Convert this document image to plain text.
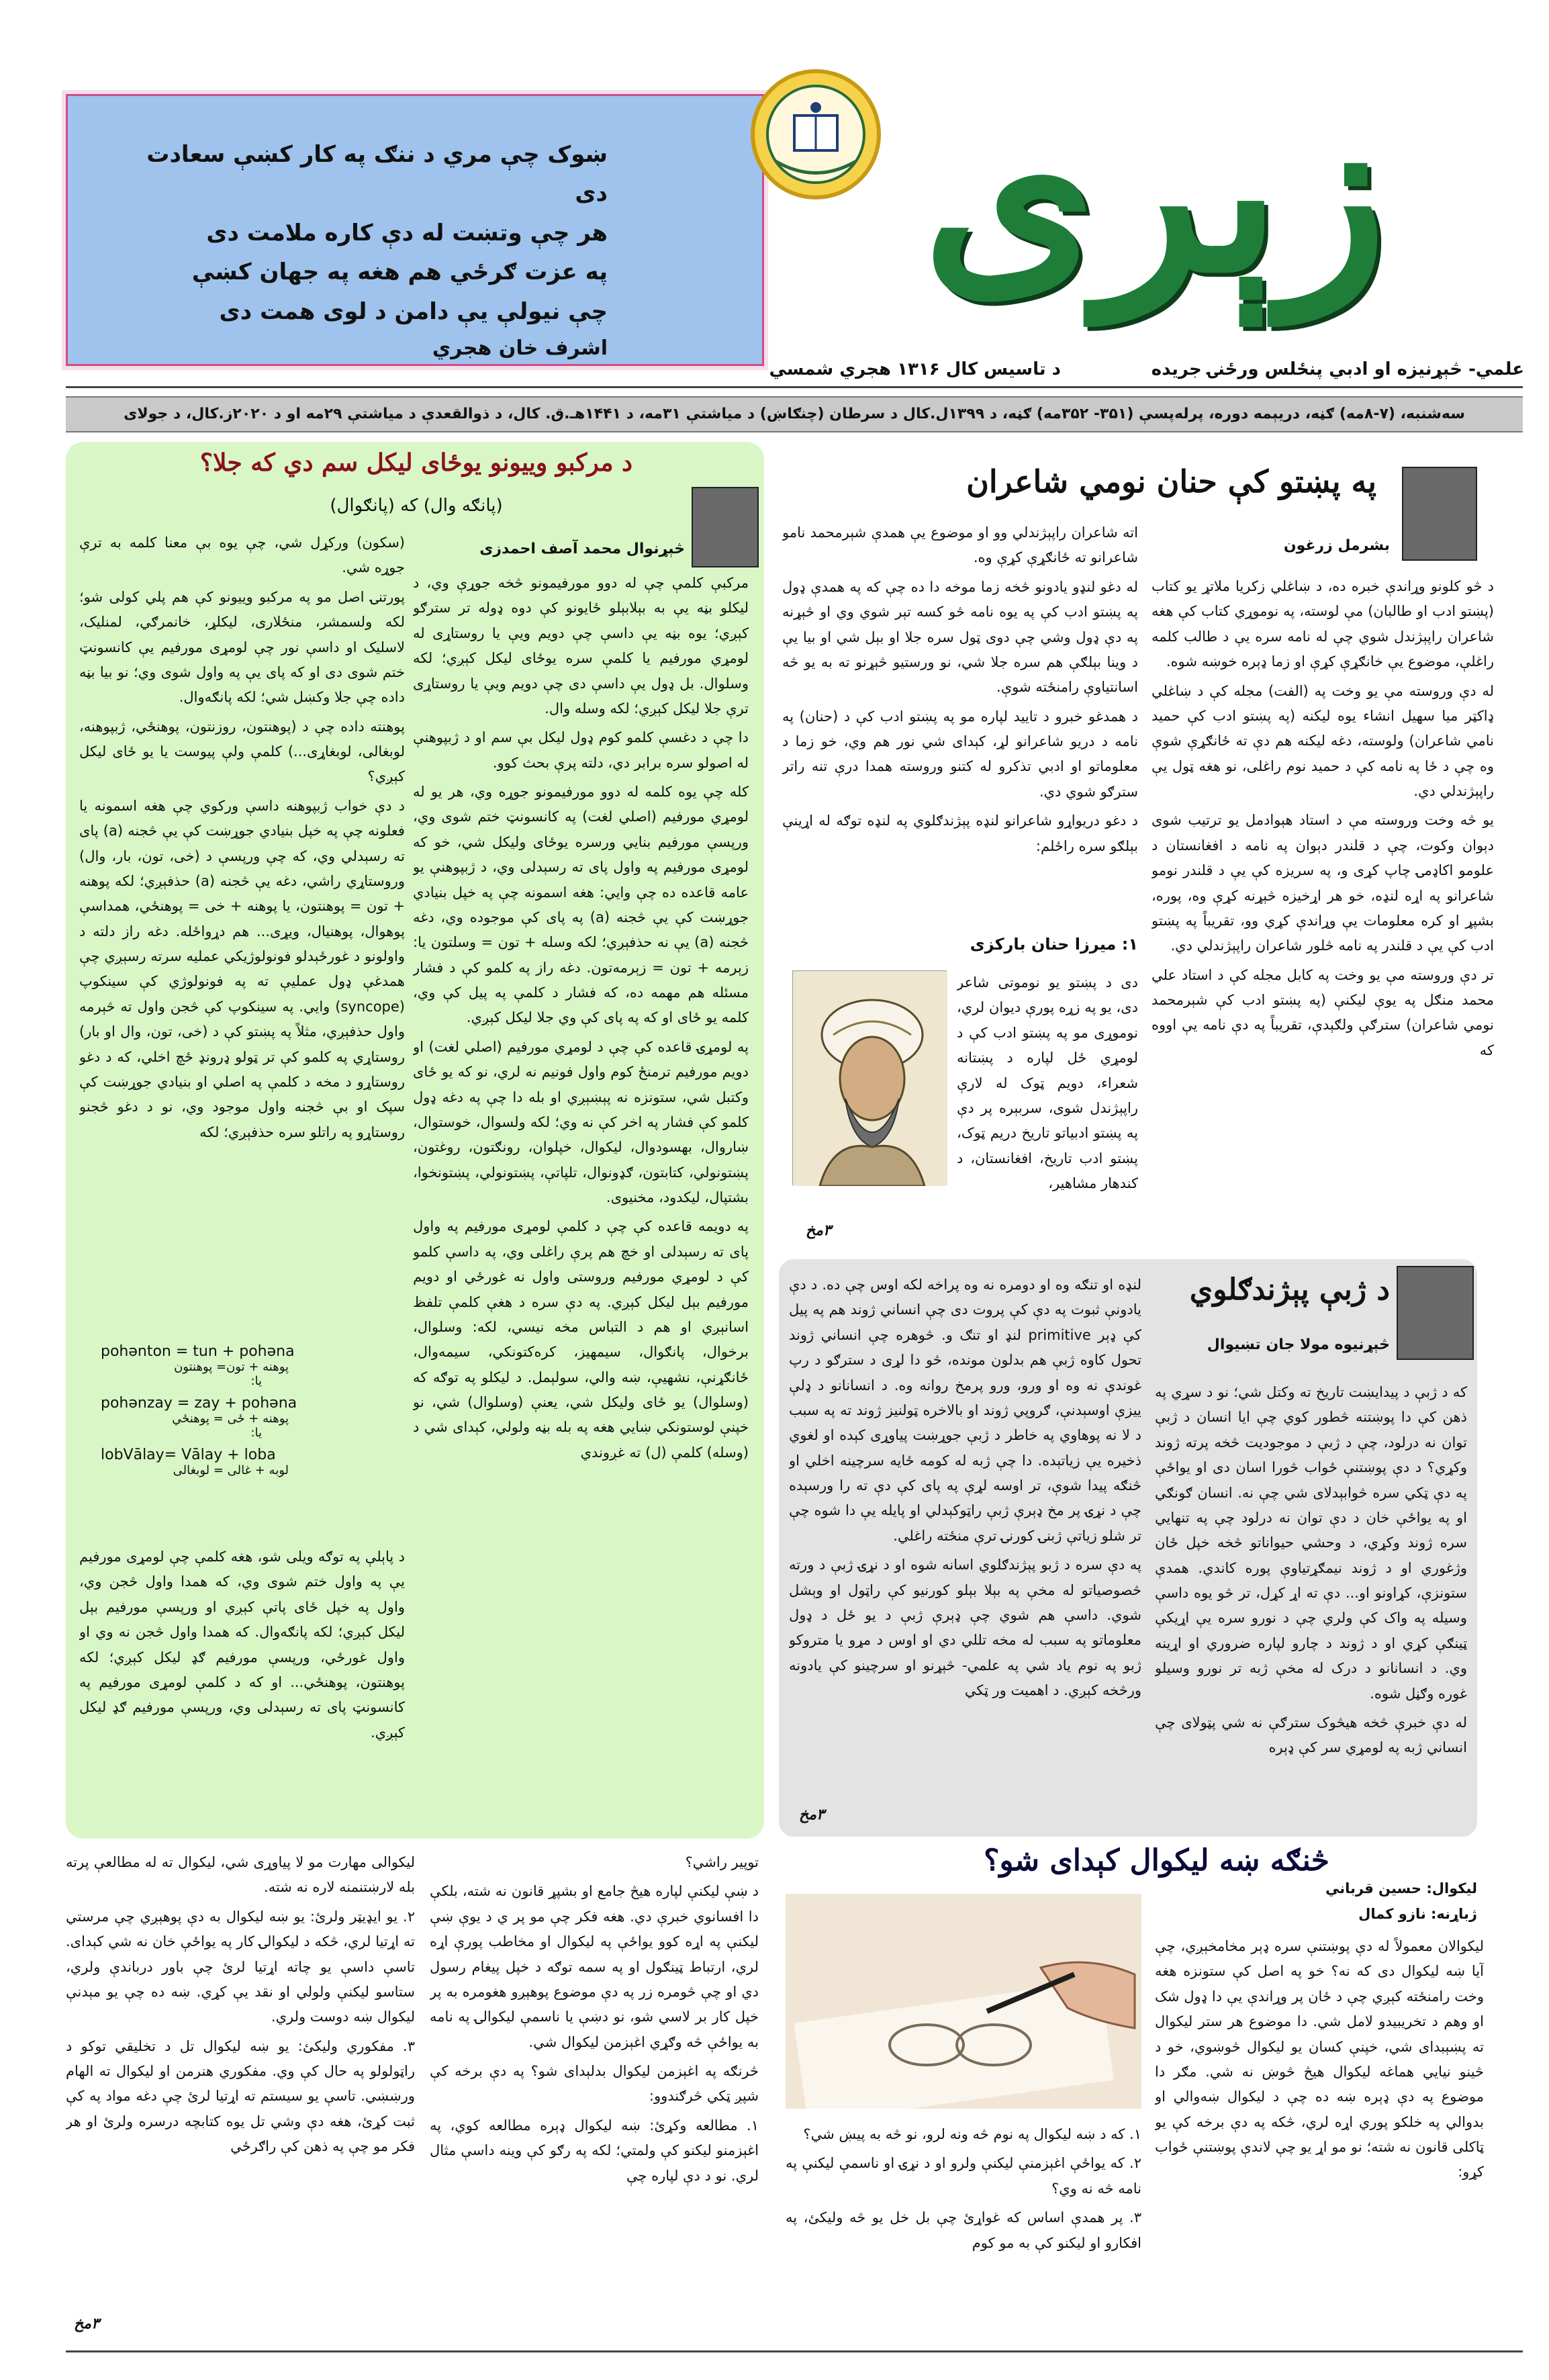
ښوک چې مري د ننګ په کار کښې سعادت دى
هر چې وتښت له دې کاره ملامت دى
په عزت ګرځي هم هغه په جهان کښې
چې نيولې يې دامن د لوى همت دى
اشرف خان هجري
زېرى
علمي- څېړنيزه او ادبي پنځلس ورځنۍ جريده
د تاسيس کال ۱۳۱۶ هجري شمسي
سه‌شنبه، (۷-۸مه) ګڼه، دريېمه دوره، پرله‌پسې (۳۵۱- ۳۵۲مه) ګڼه، د ۱۳۹۹ل.کال د سرطان (چنګاښ) د مياشتې ۳۱مه، د ۱۴۴۱هـ.ق. کال، د ذوالقعدې د مياشتې ۲۹مه او د ۲۰۲۰ز.کال، د جولاى
د مرکبو وييونو يوځاى ليکل سم دي که جلا؟
(پانګه وال) که (پانګوال)
څېړنوال محمد آصف احمدزى

مرکبې کلمې چې له دوو مورفيمونو څخه جوړې وي، د ليکلو بڼه يې به بېلابېلو ځايونو کې دوه ډوله تر سترګو کېږي؛ يوه بڼه يې داسې چې دويم ويې يا روستاړى له لومړي مورفيم يا کلمې سره يوځاى ليکل کېږي؛ لکه وسلوال. بل ډول يې داسې دى چې دويم ويې يا روستاړى ترې جلا ليکل کېږي؛ لکه وسله وال.

دا چې د دغسې کلمو کوم ډول ليکل بې سم او د ژبپوهنې له اصولو سره برابر دي، دلته پرې بحث کوو.

کله چې يوه کلمه له دوو مورفيمونو جوړه وي، هر يو له لومړي مورفيم (اصلي لغت) په کانسونټ ختم شوى وي، ورپسې مورفيم بنايي ورسره يوځاى وليکل شي، خو که لومړى مورفيم په واول پاى ته رسېدلى وي، د ژبپوهنې يو عامه قاعده ده چې وايي: هغه اسمونه چې په خپل بنيادي جوړښت کې يې څجنه (a) په پاى کې موجوده وي، دغه څجنه (a) يې نه حذفېږي؛ لکه وسله + تون = وسلتون يا: زېرمه + تون = زېرمه‌تون. دغه راز په کلمو کې د فشار مسئله هم مهمه ده، که فشار د کلمې په پيل کې وي، کلمه يو ځاى او که په پاى کې وي جلا ليکل کېږي.

په لومړۍ قاعده کې چې د لومړي مورفيم (اصلي لغت) او دويم مورفيم ترمنځ کوم واول فونيم نه لري، نو که يو ځاى وکتبل شي، ستونزه نه پېښېږي او بله دا چې په دغه ډول کلمو کې فشار په اخر کې نه وي؛ لکه ولسوال، خوستوال، ښاروال، بهسودوال، ليکوال، خپلوان، رونګتون، روغتون، پښتونولي، کتابتون، ګډونوال، تلپاتې، پښتونولي، پښتونخوا، بشتپال، ليکدود، مخنيوى.

په دويمه قاعده کې چې د کلمې لومړى مورفيم په واول پاى ته رسېدلى او خچ هم پرې راغلى وي، په داسې کلمو کې د لومړي مورفيم وروستى واول نه غورځي او دويم مورفيم بېل ليکل کېږي. په دې سره د هغې کلمې تلفظ اسانېږي او هم د التباس مخه نيسي، لکه: وسلوال، برخوال، پانګوال، سيمهيز، کره‌کتونکي، سيمه‌وال، ځانګړنې، نشهيې، ښه والي، سولېمل. د ليکلو په توګه که (وسلوال) يو ځاى وليکل شي، يعنې (وسلوال) شي، نو خپنې لوستونکي ښايي هغه په بله بڼه ولولي، کېداى شي د (وسله) کلمې (ل) ته غږوندي

(سکون) ورکړل شي، چې يوه بې معنا کلمه به ترې جوړه شي.

پورتنۍ اصل مو په مرکبو وييونو کې هم پلي کولى شو؛ لکه ولسمشر، منځلارى، ليکلړ، خانمرګي، لمنليک، لاسليک او داسې نور چې لومړى مورفيم يې کانسونټ ختم شوى دى او که پاى يې په واول شوى وي؛ نو بيا بڼه داده چې جلا وکښل شي؛ لکه پانګه‌وال.

پوهنته داده چې د (پوهنتون، روزنتون، پوهنځي، ژبپوهنه، لوبغالى، لوبغاړى...) کلمې ولې پيوست يا يو ځاى ليکل کېږي؟

د دې خواب ژبپوهنه داسې ورکوي چې هغه اسمونه يا فعلونه چې په خپل بنيادي جوړښت کې يې څجنه (a) پاى ته رسېدلي وي، که چې ورپسې د (خى، تون، بار، وال) وروستاړي راشي، دغه يې څجنه (a) حذفېږي؛ لکه پوهنه + تون = پوهنتون، يا پوهنه + خى = پوهنځي، همداسې پوهوال، پوهنيال، ويړى... هم دړواځله. دغه راز دلته د واولونو د غورځېدلو فونولوژيکي عمليه سرته رسېږي چې همدغې ډول عمليې ته په فونولوژي کې سينکوپ (syncope) وايي. په سينکوپ کې څجن واول ته څېرمه واول حذفېږي، مثلاً په پښتو کې د (خى، تون، وال او بار) روستاړي په کلمو کې تر ټولو ډرونډ ځچ اخلي، که د دغو روستاړو د مخه د کلمې په اصلي او بنيادي جوړښت کې سپک او بې څجنه واول موجود وي، نو د دغو څجنو روستاړو په راتلو سره حذفېږي؛ لکه

pohənton = tun + pohəna
پوهنه + تون= پوهنتون
يا:
pohənzay = zay + pohəna
پوهنه + ځى = پوهنځي
يا:
lobVālay= Vālay + loba
لوبه + غالى = لوبغالى

د پاېلې په توګه ويلى شو، هغه کلمې چې لومړى مورفيم يې په واول ختم شوى وي، که همدا واول څجن وي، واول په خپل ځاى پاتې کېږي او ورپسې مورفيم بېل ليکل کېږي؛ لکه پانګه‌وال. که همدا واول څجن نه وي او واول غورځي، ورپسې مورفيم ګډ ليکل کېږي؛ لکه پوهنتون، پوهنځي... او که د کلمې لومړى مورفيم په کانسونټ پاى ته رسېدلى وي، ورپسې مورفيم ګډ ليکل کېږي.

په پښتو کې حنان نومي شاعران
بشرمل زرغون

د څو کلونو وړاندې خبره ده، د ښاغلي زکريا ملاتړ يو کتاب (پښتو ادب او طالبان) مې لوسته، په نوموړي کتاب کې هغه شاعران راپېژندل شوي چې له نامه سره يې د طالب کلمه راغلې، موضوع يې خانګړې کړې او زما ډېره خوښه شوه.

له دې وروسته مې يو وخت په (الفت) مجله کې د ښاغلي ډاکټر ميا سهيل انشاء يوه ليکنه (په پښتو ادب کې حميد نامي شاعران) ولوسته، دغه ليکنه هم دې ته ځانګړې شوې وه چې د ځا په نامه کې د حميد نوم راغلى، نو هغه ټول يې راپېژندلي دي.

يو څه وخت وروسته مې د استاد هېوادمل يو ترتيب شوى دېوان وکوت، چې د قلندر دېوان په نامه د افغانستان د علومو اکاډمۍ چاپ کړى و، په سريزه کې يې د قلندر نومو شاعرانو په اړه لنډه، خو هر اړخيزه څېړنه کړې وه، پوره، بشپړ او کره معلومات يې وړاندې کړي وو، تقريباً په پښتو ادب کې يې د قلندر په نامه څلور شاعران راپېژندلي دي.

تر دې وروسته مې يو وخت په کابل مجله کې د استاد علي محمد منګل په يوې ليکنې (په پښتو ادب کې شېرمحمد نومي شاعران) سترګې ولګېدې، تقريباً په دې نامه يې اووه که

اته شاعران راپېژندلي وو او موضوع يې همدې شېرمحمد نامو شاعرانو ته ځانګړې کړې وه.

له دغو لنډو يادونو څخه زما موخه دا ده چې که په همدې ډول په پښتو ادب کې په يوه نامه څو کسه تېر شوي وي او څېړنه په دې ډول وشي چې دوى ټول سره جلا او بېل شي او بيا يې د وينا بېلګې هم سره جلا شي، نو ورستيو څېړنو ته به يو څه اسانتياوې رامنځته شوې.

د همدغو خبرو د تاييد لپاره مو په پښتو ادب کې د (حنان) په نامه د دريو شاعرانو لړ، کېداى شي نور هم وي، خو زما د معلوماتو او ادبي تذکرو له کتنو وروسته همدا درې تنه راتر سترګو شوي دي.

د دغو دريواړو شاعرانو لنډه پېژندګلوي په لنډه توګه له اړينې بېلګو سره راځلم:

۱: ميرزا حنان بارکزى

دى د پښتو يو نوموتى شاعر دى، يو په زړه پورې ديوان لري، نوموړى مو په پښتو ادب کې د لومړي ځل لپاره د پښتانه شعراء، دويم ټوک له لارې راپېژندل شوى، سربېره پر دې په پښتو ادبياتو تاريخ دريم ټوک، پښتو ادب تاريخ، افغانستان، د کندهار مشاهير،

۳مخ
د ژبې پېژندګلوي
څېړنيوه مولا جان تښيوال

که د ژبې د پيدايښت تاريخ ته وکتل شي؛ نو د سړي په ذهن کې دا پوښتنه څطور کوي چې ايا انسان د ژبې توان نه درلود، چې د ژبې د موجوديت څخه پرته ژوند وکړي؟ د دې پوښتنې ځواب څورا اسان دى او يواځې په دې ټکي سره څوابېدلاى شي چې نه. انسان ګونګي او په يواځې خان د دې توان نه درلود چې په تنهايي سره ژوند وکړي، د وحشي حيواناتو څخه خپل ځان وژغوري او د ژوند نيمګړتياوې پوره کاندي. همدې ستونزې، کړاونو او... دې ته اړ کړل، تر څو يوه داسې وسيله په واک کې ولري چې د نورو سره يې اړيکې ټينګې کړي او د ژوند د چارو لپاره ضروري او اړينه وي. د انسانانو د درک له مخې ژبه تر نورو وسيلو غوره وګڼل شوه.

له دې خبرې څخه هيڅوک سترګې نه شي پټولاى چې انساني ژبه په لومړي سر کې ډېره

لنډه او تنګه وه او دومره نه وه پراخه لکه اوس چې ده. د دې يادونې ثبوت په دې کې پروت دى چې انساني ژوند هم په پيل کې ډېر primitive لنډ او تنګ و. څوهره چې انساني ژوند تحول کاوه ژبې هم بدلون مونده، څو دا لړى د سترګو د رپ غوندې نه وه او ورو، ورو پرمخ روانه وه. د انسانانو د ډلې ييزې اوسېدنې، ګروپي ژوند او بالاخره ټولنيز ژوند ته په سبب د لا نه پوهاوي په خاطر د ژبې جوړښت پياوړى کېده او لغوي ذخيره يې زياتېده. دا چې ژبه له کومه ځايه سرچينه اخلي او څنګه پيدا شوې، تر اوسه لړې په پاى کې دې ته را ورسېده چې د نړۍ پر مخ ډېرې ژبې راټوکېدلي او پايله يې دا شوه چې تر شلو زياتې ژبنۍ کورنۍ ترې منځته راغلي.

په دې سره د ژبو پېژندګلوي اسانه شوه او د نړۍ ژبې د ورته څصوصياتو له مخې په بېلا بېلو کورنيو کې راټول او وېشل شوي. داسې هم شوي چې ډېرې ژبې د يو ځل د ډول معلوماتو په سبب له مخه تللي دي او اوس د مړو يا متروکو ژبو په نوم ياد شي په علمي- څېړنو او سرچينو کې يادونه ورڅخه کېږي. د اهميت ور ټکي

۳مخ
څنګه ښه ليکوال کېداى شو؟
ليکوال: حسين قرباني
ژباړنه: نازو کمال

ليکوالان معمولاً له دې پوښتنې سره ډېر مخامخېږي، چې آيا ښه ليکوال دى که نه؟ خو په اصل کې ستونزه هغه وخت رامنځته کېږي چې د ځان پر وړاندې يې دا ډول شک او وهم د تخريبيدو لامل شي. دا موضوع هر ستر ليکوال ته پښېبداى شي، خپنې کسان يو ليکوال څوښوي، خو د څينو نيايي هماغه ليکوال هيڅ څوښ نه شي. مګر دا موضوع په دې ډېره ښه ده چې د ليکوال ښه‌والي او بدوالي په خلکو پوري اړه لري، څکه په دې برخه کې يو ټاکلى قانون نه شته؛ نو مو اړ يو چې لاندې پوښتنې ځواب کړو:

۱. که د ښه ليکوال په نوم څه ونه لرو، نو څه به پيښ شي؟

۲. که يواځې اغېزمنې ليکنې ولرو او د نړۍ او ناسمې ليکنې په نامه څه نه وي؟

۳. پر همدې اساس که غواړئ چې بل خل يو څه وليکئ، په افکارو او ليکنو کې به مو کوم

توپير راشي؟

د ښې ليکنې لپاره هيڅ جامع او بشپړ قانون نه شته، بلکې دا افسانوي خبرې دي. هغه فکر چې مو پر ي د يوې ښې ليکنې په اړه کوو يواځې په ليکوال او مخاطب پورې اړه لري، ارتباط ټينګول او په سمه توګه د خپل پيغام رسول دي او چې څومره زر په دې موضوع پوهېږو هغومره به پر خپل کار بر لاسي شو، نو دښې يا ناسمې ليکوالۍ په نامه به يواځې څه وګړي اغېزمن ليکوال شي.

څرنګه په اغېزمن ليکوال بدلېداى شو؟ په دې برخه کې شپږ ټکي څرګندوو:

۱. مطالعه وکړئ: ښه ليکوال ډېره مطالعه کوي، په اغېزمنو ليکنو کې ولمتي؛ لکه په رګو کې وينه داسې مثال لري. نو د دې لپاره چې

ليکوالى مهارت مو لا پياوړى شي، ليکوال ته له مطالعې پرته بله لارښتنمنه لاره نه شته.

۲. يو ايډيټر ولرئ: يو ښه ليکوال به دې پوهېږي چې مرستي ته اړتيا لري، څکه د ليکوالۍ کار په يواځې خان نه شي کېداى. تاسې داسې يو چاته اړتيا لرئ چې باور درباندې ولري، ستاسو ليکنې ولولي او نقد يې کړي. ښه ده چې يو مېدنې ليکوال ښه دوست ولري.

۳. مفکوري وليکئ: يو ښه ليکوال تل د تخليقي توکو د راټولولو په حال کې وي. مفکوري هنرمن او ليکوال ته الهام ورښښي. تاسې يو سيستم ته اړتيا لرئ چې دغه مواد په کې ثبت کړئ، هغه دې وشي تل يوه کتابچه درسره ولرئ او هر فکر مو چې په ذهن کې راګرځي

۳مخ
